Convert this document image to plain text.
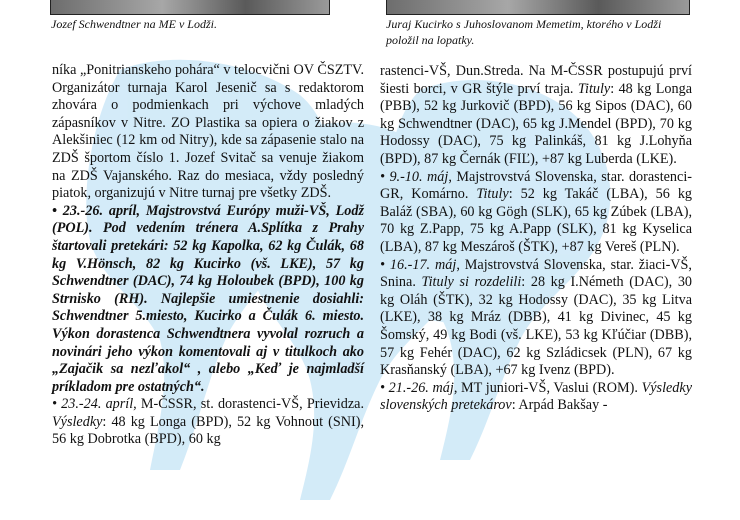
Jozef Schwendtner na ME v Lodži.	Juraj Kucirko s Juhoslovanom Memetim, ktorého v Lodži položil na lopatky.

níka „Ponitrianskeho pohára“ v telocvični OV ČSZTV. Organizátor turnaja Karol Jesenič sa s redaktorom zhovára o podmienkach pri výchove mladých zápasníkov v Nitre. ZO Plastika sa opiera o žiakov z Alekšiniec (12 km od Nitry), kde sa zápasenie stalo na ZDŠ športom číslo 1. Jozef Svitač sa venuje žiakom na ZDŠ Vajanského. Raz do mesiaca, vždy posledný piatok, organizujú v Nitre turnaj pre všetky ZDŠ.

• 23.-26. apríl, Majstrovstvá Európy muži-VŠ, Lodž (POL). Pod vedením trénera A.Splítka z Prahy štartovali pretekári: 52 kg Kapolka, 62 kg Čulák, 68 kg V.Hönsch, 82 kg Kucirko (vš. LKE), 57 kg Schwendtner (DAC), 74 kg Holoubek (BPD), 100 kg Strnisko (RH). Najlepšie umiestnenie dosiahli: Schwendtner 5.miesto, Kucirko a Čulák 6. miesto. Výkon dorastenca Schwendtnera vyvolal rozruch a novinári jeho výkon komentovali aj v titulkoch ako „Zajačik sa nezľakol“ , alebo „Keď je najmladší príkladom pre ostatných“.

• 23.-24. apríl, M-ČSSR, st. dorastenci-VŠ, Prievidza. Výsledky: 48 kg Longa (BPD), 52 kg Vohnout (SNI), 56 kg Dobrotka (BPD), 60 kg

rastenci-VŠ, Dun.Streda. Na M-ČSSR postupujú prví šiesti borci, v GR štýle prví traja. Tituly: 48 kg Longa (PBB), 52 kg Jurkovič (BPD), 56 kg Sipos (DAC), 60 kg Schwendtner (DAC), 65 kg J.Mendel (BPD), 70 kg Hodossy (DAC), 75 kg Palinkáš, 81 kg J.Lohyňa (BPD), 87 kg Černák (FIĽ), +87 kg Luberda (LKE).

• 9.-10. máj, Majstrovstvá Slovenska, star. dorastenci-GR, Komárno. Tituly: 52 kg Takáč (LBA), 56 kg Baláž (SBA), 60 kg Gögh (SLK), 65 kg Zúbek (LBA), 70 kg Z.Papp, 75 kg A.Papp (SLK), 81 kg Kyselica (LBA), 87 kg Meszároš (ŠTK), +87 kg Vereš (PLN).

• 16.-17. máj, Majstrovstvá Slovenska, star. žiaci-VŠ, Snina. Tituly si rozdelili: 28 kg I.Németh (DAC), 30 kg Oláh (ŠTK), 32 kg Hodossy (DAC), 35 kg Litva (LKE), 38 kg Mráz (DBB), 41 kg Divinec, 45 kg Šomský, 49 kg Bodi (vš. LKE), 53 kg Kľúčiar (DBB), 57 kg Fehér (DAC), 62 kg Szládicsek (PLN), 67 kg Krasňanský (LBA), +67 kg Ivenz (BPD).

• 21.-26. máj, MT juniori-VŠ, Vaslui (ROM). Výsledky slovenských pretekárov: Arpád Bakšay -
